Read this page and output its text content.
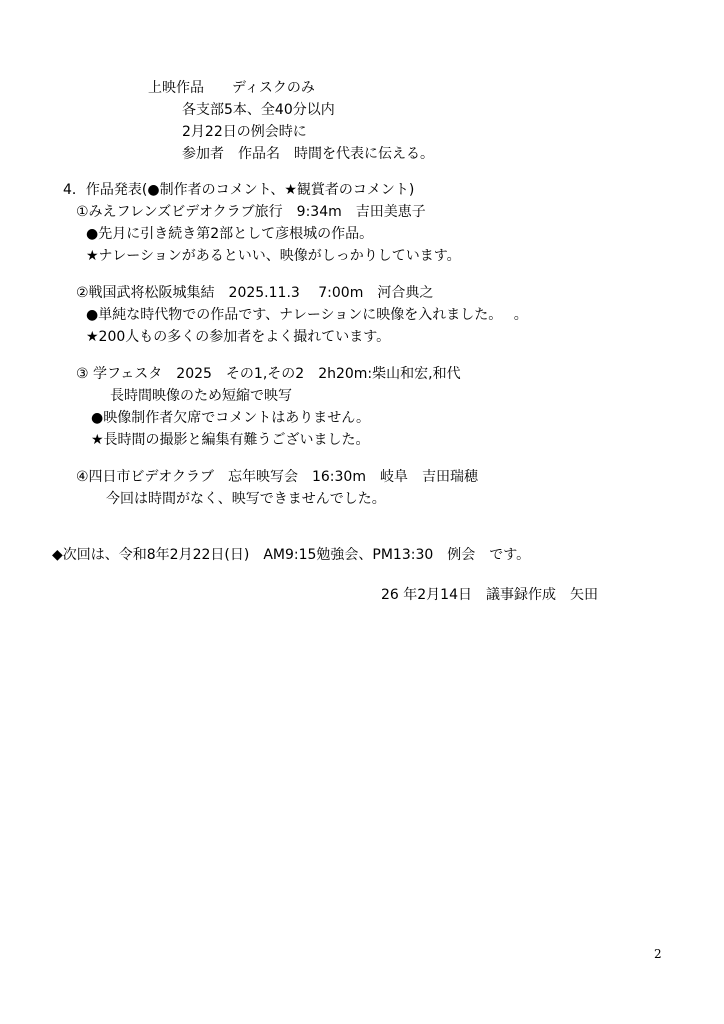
上映作品　　ディスクのみ
各支部5本、全40分以内
2月22日の例会時に
参加者　作品名　時間を代表に伝える。
4．作品発表(●制作者のコメント、★観賞者のコメント)
①みえフレンズビデオクラブ旅行　9:34m　吉田美恵子
●先月に引き続き第2部として彦根城の作品。
★ナレーションがあるといい、映像がしっかりしています。
②戦国武将松阪城集結　2025.11.3　 7:00m　河合典之
●単純な時代物での作品です、ナレーションに映像を入れました。　 。
★200人もの多くの参加者をよく撮れています。
③ 学フェスタ　2025　その1,その2　2h20m:柴山和宏,和代
長時間映像のため短縮で映写
●映像制作者欠席でコメントはありません。
★長時間の撮影と編集有難うございました。
④四日市ビデオクラブ　忘年映写会　16:30m　岐阜　吉田瑞穂
今回は時間がなく、映写できませんでした。
◆次回は、令和8年2月22日(日)　AM9:15勉強会、PM13:30　例会　です。
26 年2月14日　議事録作成　矢田
2
